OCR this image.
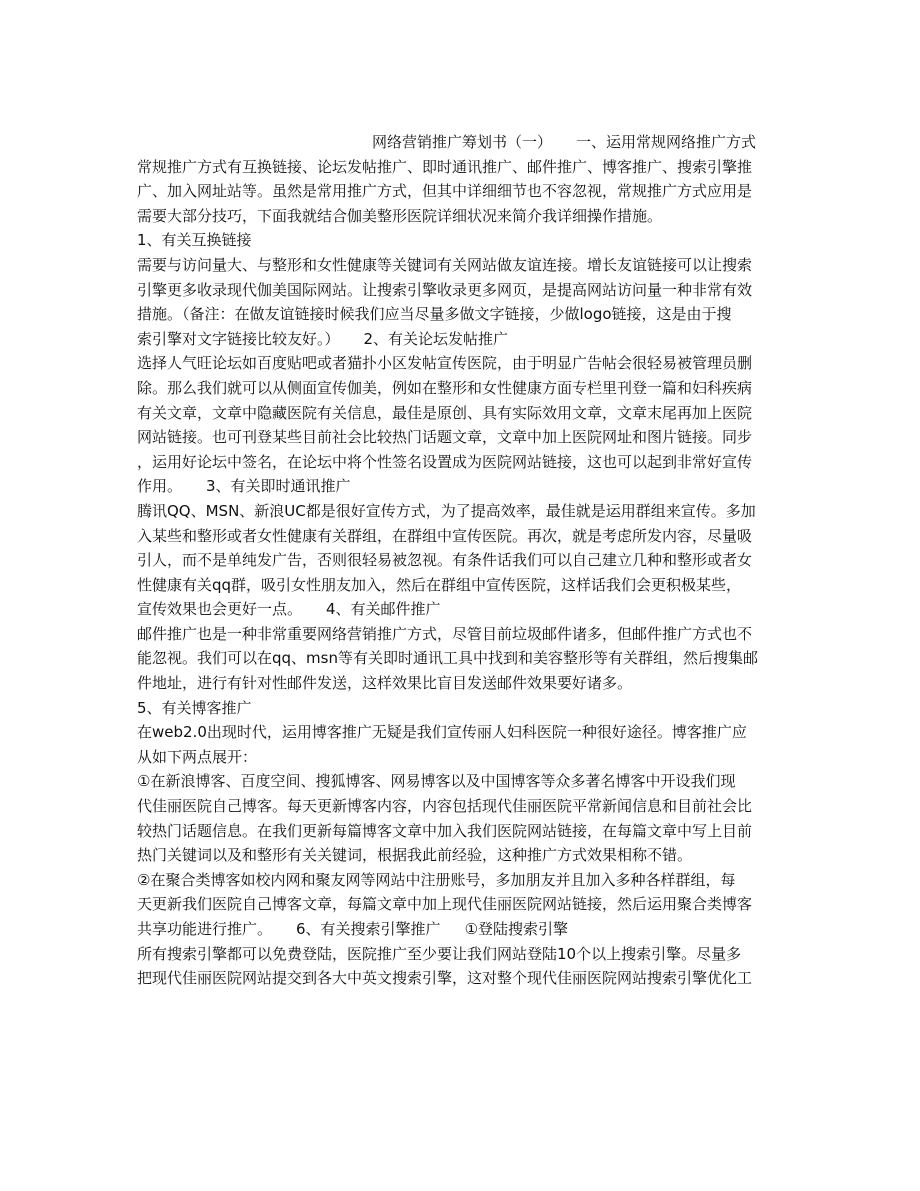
网络营销推广筹划书（一） 一、运用常规网络推广方式
常规推广方式有互换链接、论坛发帖推广、即时通讯推广、邮件推广、博客推广、搜索引擎推
广、加入网址站等。虽然是常用推广方式，但其中详细细节也不容忽视，常规推广方式应用是
需要大部分技巧，下面我就结合伽美整形医院详细状况来简介我详细操作措施。
1、有关互换链接
需要与访问量大、与整形和女性健康等关键词有关网站做友谊连接。增长友谊链接可以让搜索
引擎更多收录现代伽美国际网站。让搜索引擎收录更多网页，是提高网站访问量一种非常有效
措施。（备注：在做友谊链接时候我们应当尽量多做文字链接，少做logo链接，这是由于搜
索引擎对文字链接比较友好。） 2、有关论坛发帖推广
选择人气旺论坛如百度贴吧或者猫扑小区发帖宣传医院，由于明显广告帖会很轻易被管理员删
除。那么我们就可以从侧面宣传伽美，例如在整形和女性健康方面专栏里刊登一篇和妇科疾病
有关文章，文章中隐藏医院有关信息，最佳是原创、具有实际效用文章，文章末尾再加上医院
网站链接。也可刊登某些目前社会比较热门话题文章，文章中加上医院网址和图片链接。同步
，运用好论坛中签名，在论坛中将个性签名设置成为医院网站链接，这也可以起到非常好宣传
作用。 3、有关即时通讯推广
腾讯QQ、MSN、新浪UC都是很好宣传方式，为了提高效率，最佳就是运用群组来宣传。多加
入某些和整形或者女性健康有关群组，在群组中宣传医院。再次，就是考虑所发内容，尽量吸
引人，而不是单纯发广告，否则很轻易被忽视。有条件话我们可以自己建立几种和整形或者女
性健康有关qq群，吸引女性朋友加入，然后在群组中宣传医院，这样话我们会更积极某些，
宣传效果也会更好一点。 4、有关邮件推广
邮件推广也是一种非常重要网络营销推广方式，尽管目前垃圾邮件诸多，但邮件推广方式也不
能忽视。我们可以在qq、msn等有关即时通讯工具中找到和美容整形等有关群组，然后搜集邮
件地址，进行有针对性邮件发送，这样效果比盲目发送邮件效果要好诸多。
5、有关博客推广
在web2.0出现时代，运用博客推广无疑是我们宣传丽人妇科医院一种很好途径。博客推广应
从如下两点展开：
①在新浪博客、百度空间、搜狐博客、网易博客以及中国博客等众多著名博客中开设我们现
代佳丽医院自己博客。每天更新博客内容，内容包括现代佳丽医院平常新闻信息和目前社会比
较热门话题信息。在我们更新每篇博客文章中加入我们医院网站链接，在每篇文章中写上目前
热门关键词以及和整形有关关键词，根据我此前经验，这种推广方式效果相称不错。
②在聚合类博客如校内网和聚友网等网站中注册账号，多加朋友并且加入多种各样群组，每
天更新我们医院自己博客文章，每篇文章中加上现代佳丽医院网站链接，然后运用聚合类博客
共享功能进行推广。 6、有关搜索引擎推广 ①登陆搜索引擎
所有搜索引擎都可以免费登陆，医院推广至少要让我们网站登陆10个以上搜索引擎。尽量多
把现代佳丽医院网站提交到各大中英文搜索引擎，这对整个现代佳丽医院网站搜索引擎优化工
